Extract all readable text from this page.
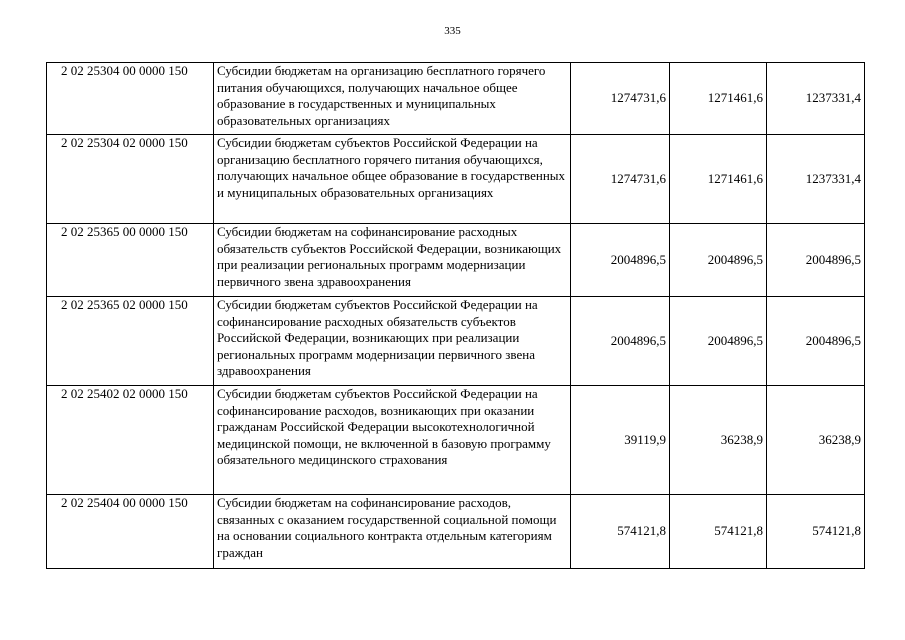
335
2 02 25304 00 0000 150	Субсидии бюджетам на организацию бесплатного горячего питания обучающихся, получающих начальное общее образование в государственных и муниципальных образовательных организациях	1274731,6	1271461,6	1237331,4
2 02 25304 02 0000 150	Субсидии бюджетам субъектов Российской Федерации на организацию бесплатного горячего питания обучающихся, получающих начальное общее образование в государственных и муниципальных образовательных организациях	1274731,6	1271461,6	1237331,4
2 02 25365 00 0000 150	Субсидии бюджетам на софинансирование расходных обязательств субъектов Российской Федерации, возникающих при реализации региональных программ модернизации первичного звена здравоохранения	2004896,5	2004896,5	2004896,5
2 02 25365 02 0000 150	Субсидии бюджетам субъектов Российской Федерации на софинансирование расходных обязательств субъектов Российской Федерации, возникающих при реализации региональных программ модернизации первичного звена здравоохранения	2004896,5	2004896,5	2004896,5
2 02 25402 02 0000 150	Субсидии бюджетам субъектов Российской Федерации на софинансирование расходов, возникающих при оказании гражданам Российской Федерации высокотехнологичной медицинской помощи, не включенной в базовую программу обязательного медицинского страхования	39119,9	36238,9	36238,9
2 02 25404 00 0000 150	Субсидии бюджетам на софинансирование расходов, связанных с оказанием государственной социальной помощи на основании социального контракта отдельным категориям граждан	574121,8	574121,8	574121,8
